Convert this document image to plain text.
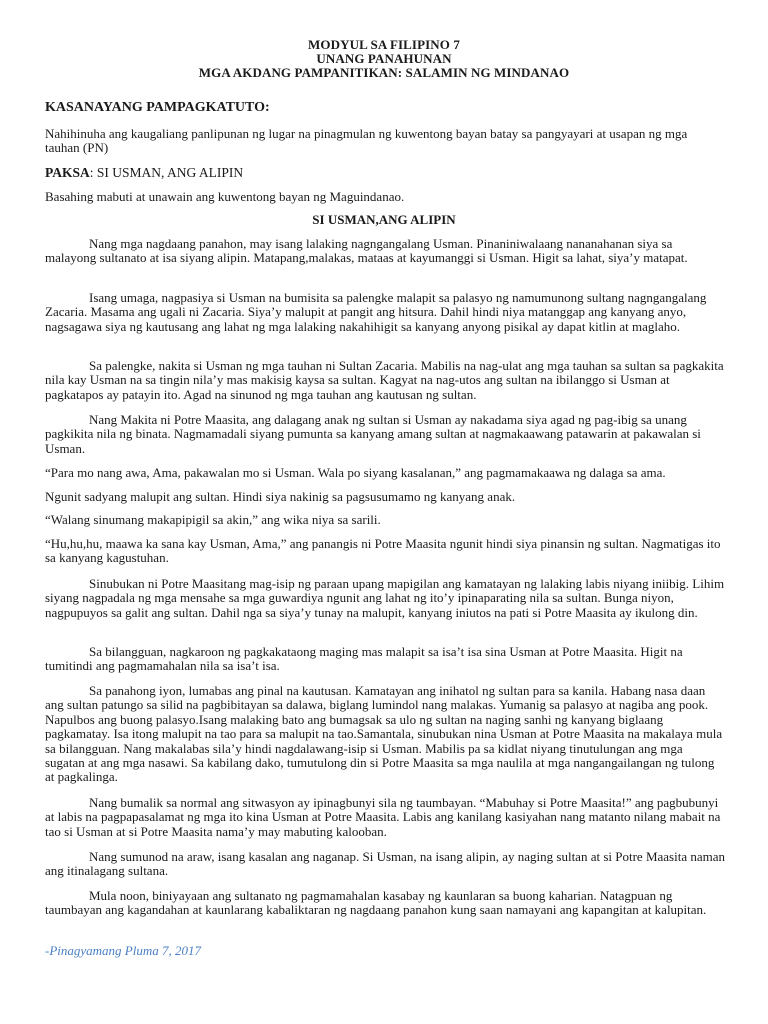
MODYUL SA FILIPINO 7
UNANG PANAHUNAN
MGA AKDANG PAMPANITIKAN: SALAMIN NG MINDANAO
KASANAYANG PAMPAGKATUTO:

Nahihinuha ang kaugaliang panlipunan ng lugar na pinagmulan ng kuwentong bayan batay sa pangyayari at usapan ng mga tauhan (PN)

PAKSA: SI USMAN, ANG ALIPIN

Basahing mabuti at unawain ang kuwentong bayan ng Maguindanao.

SI USMAN,ANG ALIPIN

Nang mga nagdaang panahon, may isang lalaking nagngangalang Usman. Pinaniniwalaang nananahanan siya sa malayong sultanato at isa siyang alipin. Matapang,malakas, mataas at kayumanggi si Usman. Higit sa lahat, siya’y matapat.

Isang umaga, nagpasiya si Usman na bumisita sa palengke malapit sa palasyo ng namumunong sultang nagngangalang Zacaria. Masama ang ugali ni Zacaria. Siya’y malupit at pangit ang hitsura. Dahil hindi niya matanggap ang kanyang anyo, nagsagawa siya ng kautusang ang lahat ng mga lalaking nakahihigit sa kanyang anyong pisikal ay dapat kitlin at maglaho.

Sa palengke, nakita si Usman ng mga tauhan ni Sultan Zacaria. Mabilis na nag-ulat ang mga tauhan sa sultan sa pagkakita nila kay Usman na sa tingin nila’y mas makisig kaysa sa sultan. Kagyat na nag-utos ang sultan na ibilanggo si Usman at pagkatapos ay patayin ito. Agad na sinunod ng mga tauhan ang kautusan ng sultan.

Nang Makita ni Potre Maasita, ang dalagang anak ng sultan si Usman ay nakadama siya agad ng pag-ibig sa unang pagkikita nila ng binata. Nagmamadali siyang pumunta sa kanyang amang sultan at nagmakaawang patawarin at pakawalan si Usman.

“Para mo nang awa, Ama, pakawalan mo si Usman. Wala po siyang kasalanan,” ang pagmamakaawa ng dalaga sa ama.

Ngunit sadyang malupit ang sultan. Hindi siya nakinig sa pagsusumamo ng kanyang anak.

“Walang sinumang makapipigil sa akin,” ang wika niya sa sarili.

“Hu,hu,hu, maawa ka sana kay Usman, Ama,” ang panangis ni Potre Maasita ngunit hindi siya pinansin ng sultan. Nagmatigas ito sa kanyang kagustuhan.

Sinubukan ni Potre Maasitang mag-isip ng paraan upang mapigilan ang kamatayan ng lalaking labis niyang iniibig. Lihim siyang nagpadala ng mga mensahe sa mga guwardiya ngunit ang lahat ng ito’y ipinaparating nila sa sultan. Bunga niyon, nagpupuyos sa galit ang sultan. Dahil nga sa siya’y tunay na malupit, kanyang iniutos na pati si Potre Maasita ay ikulong din.

Sa bilangguan, nagkaroon ng pagkakataong maging mas malapit sa isa’t isa sina Usman at Potre Maasita. Higit na tumitindi ang pagmamahalan nila sa isa’t isa.

Sa panahong iyon, lumabas ang pinal na kautusan. Kamatayan ang inihatol ng sultan para sa kanila. Habang nasa daan ang sultan patungo sa silid na pagbibitayan sa dalawa, biglang lumindol nang malakas. Yumanig sa palasyo at nagiba ang pook. Napulbos ang buong palasyo.Isang malaking bato ang bumagsak sa ulo ng sultan na naging sanhi ng kanyang biglaang pagkamatay. Isa itong malupit na tao para sa malupit na tao.Samantala, sinubukan nina Usman at Potre Maasita na makalaya mula sa bilangguan. Nang makalabas sila’y hindi nagdalawang-isip si Usman. Mabilis pa sa kidlat niyang tinutulungan ang mga sugatan at ang mga nasawi. Sa kabilang dako, tumutulong din si Potre Maasita sa mga naulila at mga nangangailangan ng tulong at pagkalinga.

Nang bumalik sa normal ang sitwasyon ay ipinagbunyi sila ng taumbayan. “Mabuhay si Potre Maasita!” ang pagbubunyi at labis na pagpapasalamat ng mga ito kina Usman at Potre Maasita. Labis ang kanilang kasiyahan nang matanto nilang mabait na tao si Usman at si Potre Maasita nama’y may mabuting kalooban.

Nang sumunod na araw, isang kasalan ang naganap. Si Usman, na isang alipin, ay naging sultan at si Potre Maasita naman ang itinalagang sultana.

Mula noon, biniyayaan ang sultanato ng pagmamahalan kasabay ng kaunlaran sa buong kaharian. Natagpuan ng taumbayan ang kagandahan at kaunlarang kabaliktaran ng nagdaang panahon kung saan namayani ang kapangitan at kalupitan.

-Pinagyamang Pluma 7, 2017
